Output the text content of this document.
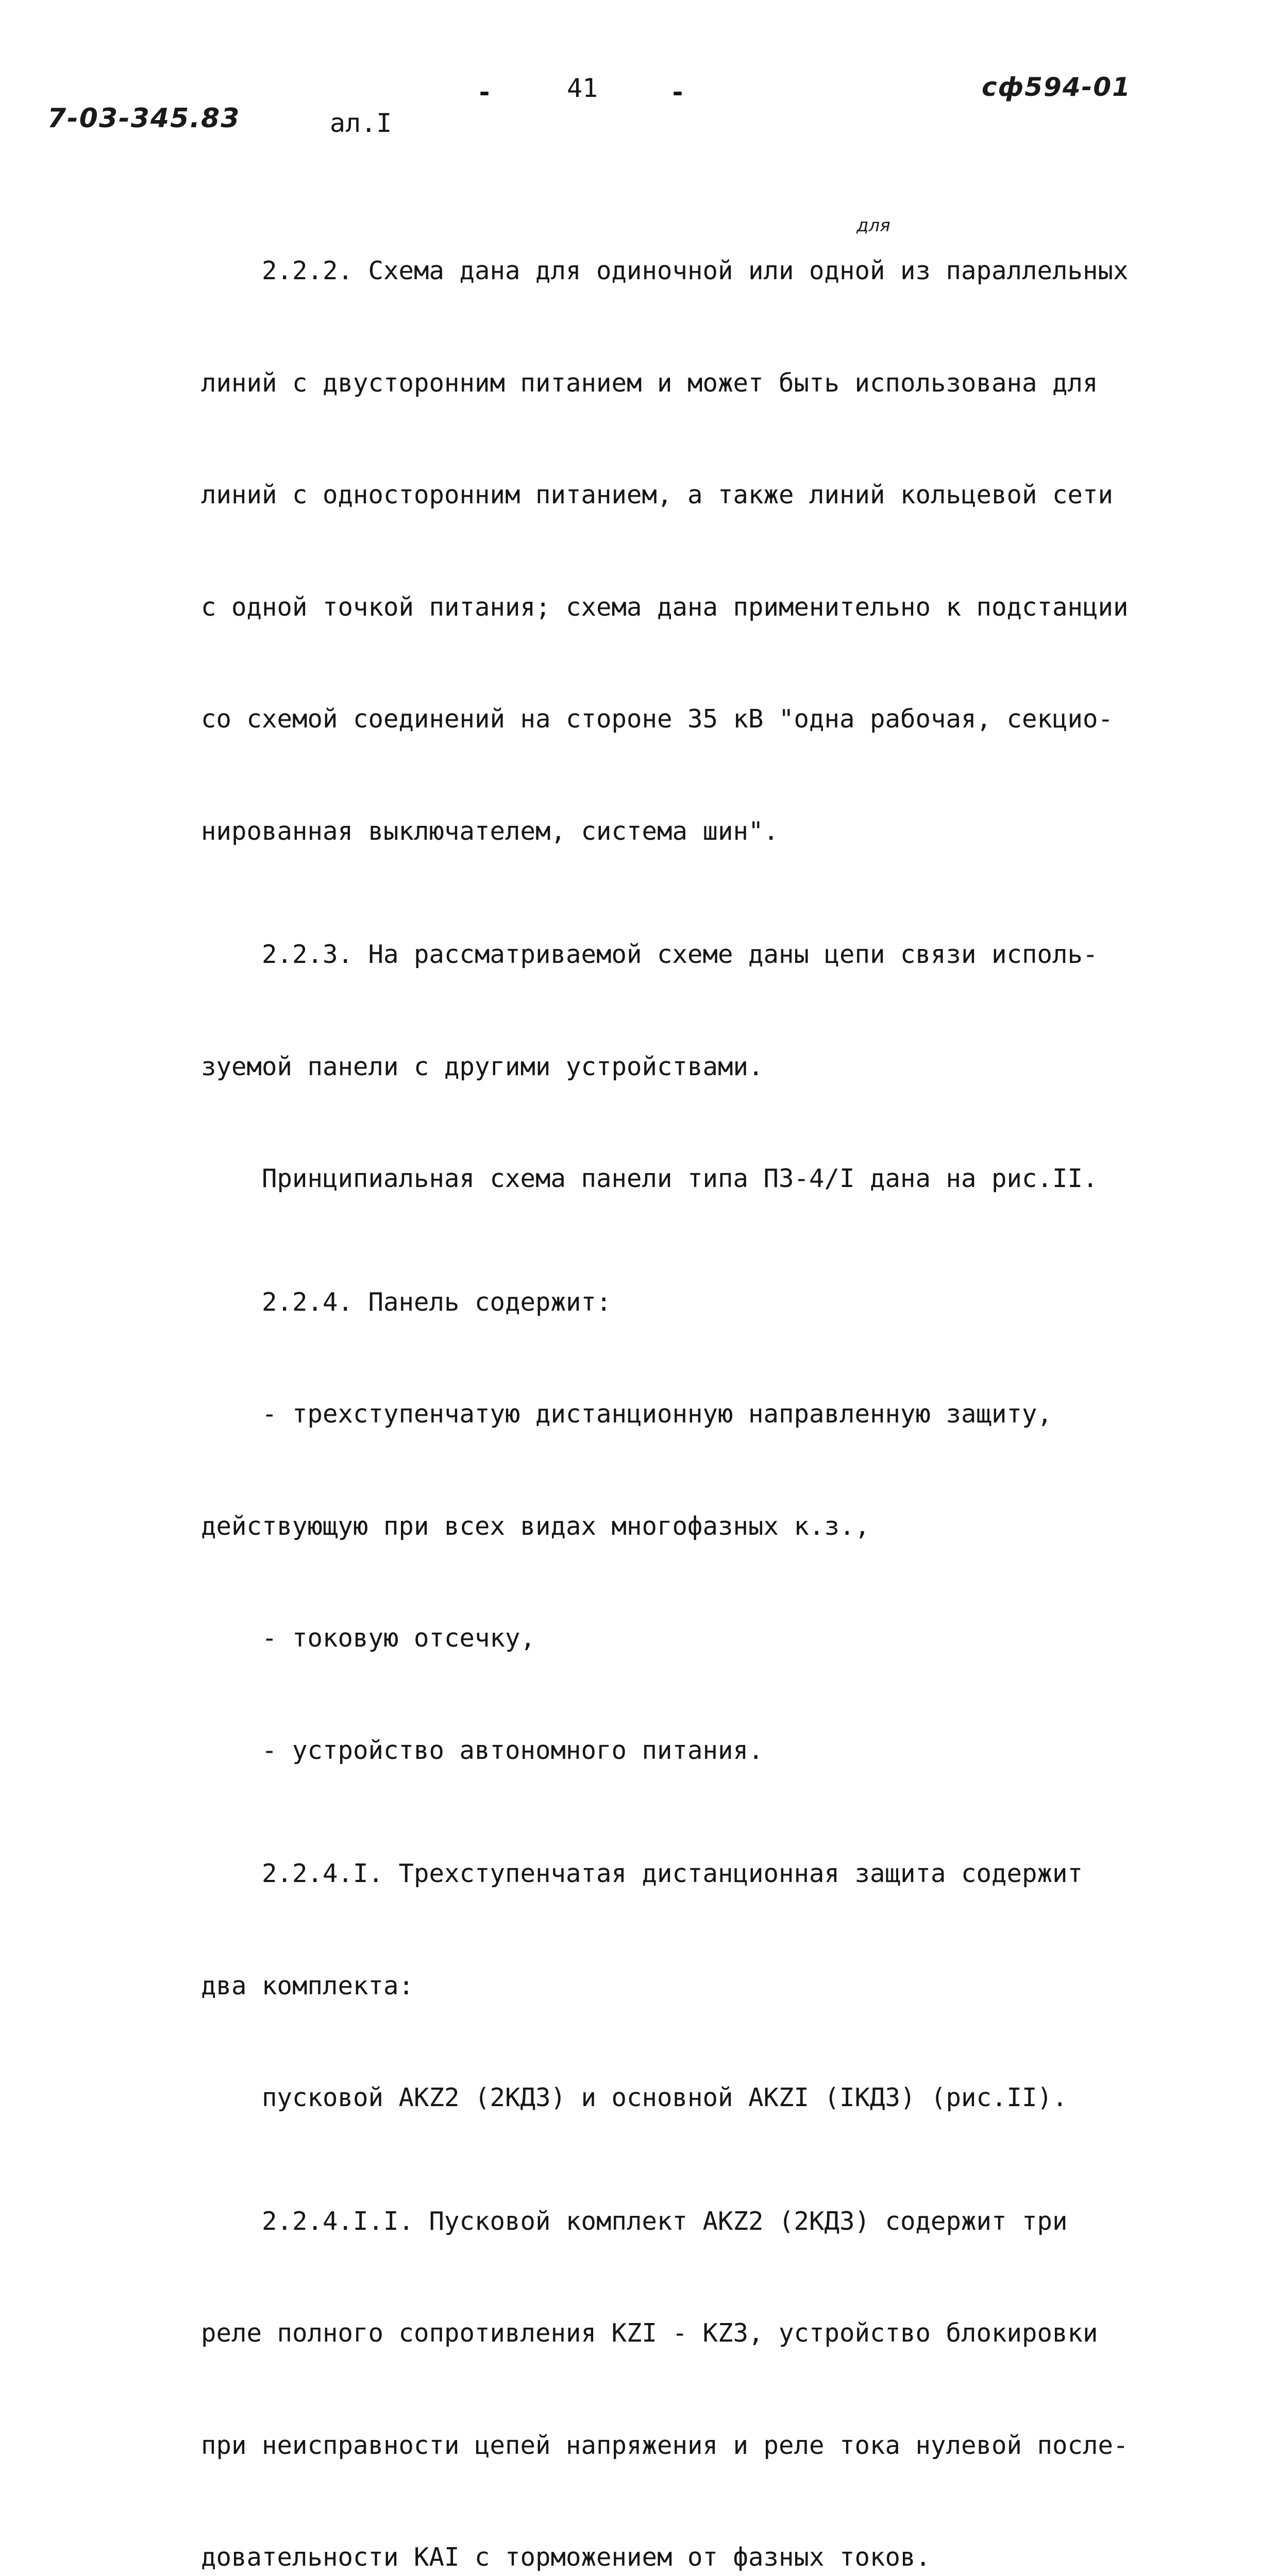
7-03-345.83
-	41	-
ал.I
сф594-01
для

2.2.2. Схема дана для одиночной или одной из параллельных

линий с двусторонним питанием и может быть использована для

линий с односторонним питанием, а также линий кольцевой сети

с одной точкой питания; схема дана применительно к подстанции

со схемой соединений на стороне 35 кВ "одна рабочая, секцио-

нированная выключателем, система шин".

2.2.3. На рассматриваемой схеме даны цепи связи исполь-

зуемой панели с другими устройствами.

Принципиальная схема панели типа ПЗ-4/I дана на рис.II.

2.2.4. Панель содержит:

- трехступенчатую дистанционную направленную защиту,

действующую при всех видах многофазных к.з.,

- токовую отсечку,

- устройство автономного питания.

2.2.4.I. Трехступенчатая дистанционная защита содержит

два комплекта:

пусковой AKZ2 (2КДЗ) и основной AKZI (IКДЗ) (рис.II).

2.2.4.I.I. Пусковой комплект AKZ2 (2КДЗ) содержит три

реле полного сопротивления KZI - KZ3, устройство блокировки

при неисправности цепей напряжения и реле тока нулевой после-

довательности KAI с торможением от фазных токов.
